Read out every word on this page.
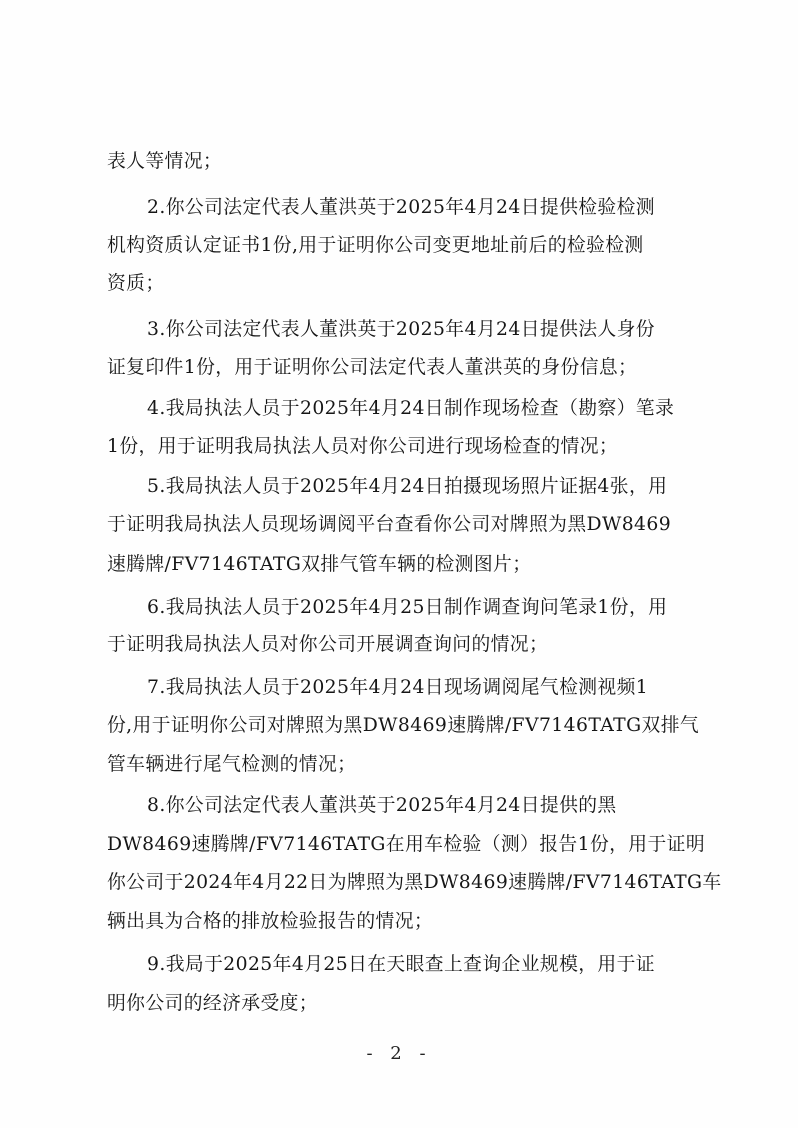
表人等情况；
2.你公司法定代表人董洪英于2025年4月24日提供检验检测
机构资质认定证书1份,用于证明你公司变更地址前后的检验检测
资质；
3.你公司法定代表人董洪英于2025年4月24日提供法人身份
证复印件1份，用于证明你公司法定代表人董洪英的身份信息；
4.我局执法人员于2025年4月24日制作现场检查（勘察）笔录
1份，用于证明我局执法人员对你公司进行现场检查的情况；
5.我局执法人员于2025年4月24日拍摄现场照片证据4张，用
于证明我局执法人员现场调阅平台查看你公司对牌照为黑DW8469
速腾牌/FV7146TATG双排气管车辆的检测图片；
6.我局执法人员于2025年4月25日制作调查询问笔录1份，用
于证明我局执法人员对你公司开展调查询问的情况；
7.我局执法人员于2025年4月24日现场调阅尾气检测视频1
份,用于证明你公司对牌照为黑DW8469速腾牌/FV7146TATG双排气
管车辆进行尾气检测的情况；
8.你公司法定代表人董洪英于2025年4月24日提供的黑
DW8469速腾牌/FV7146TATG在用车检验（测）报告1份，用于证明
你公司于2024年4月22日为牌照为黑DW8469速腾牌/FV7146TATG车
辆出具为合格的排放检验报告的情况；
9.我局于2025年4月25日在天眼查上查询企业规模，用于证
明你公司的经济承受度；
- 2 -
